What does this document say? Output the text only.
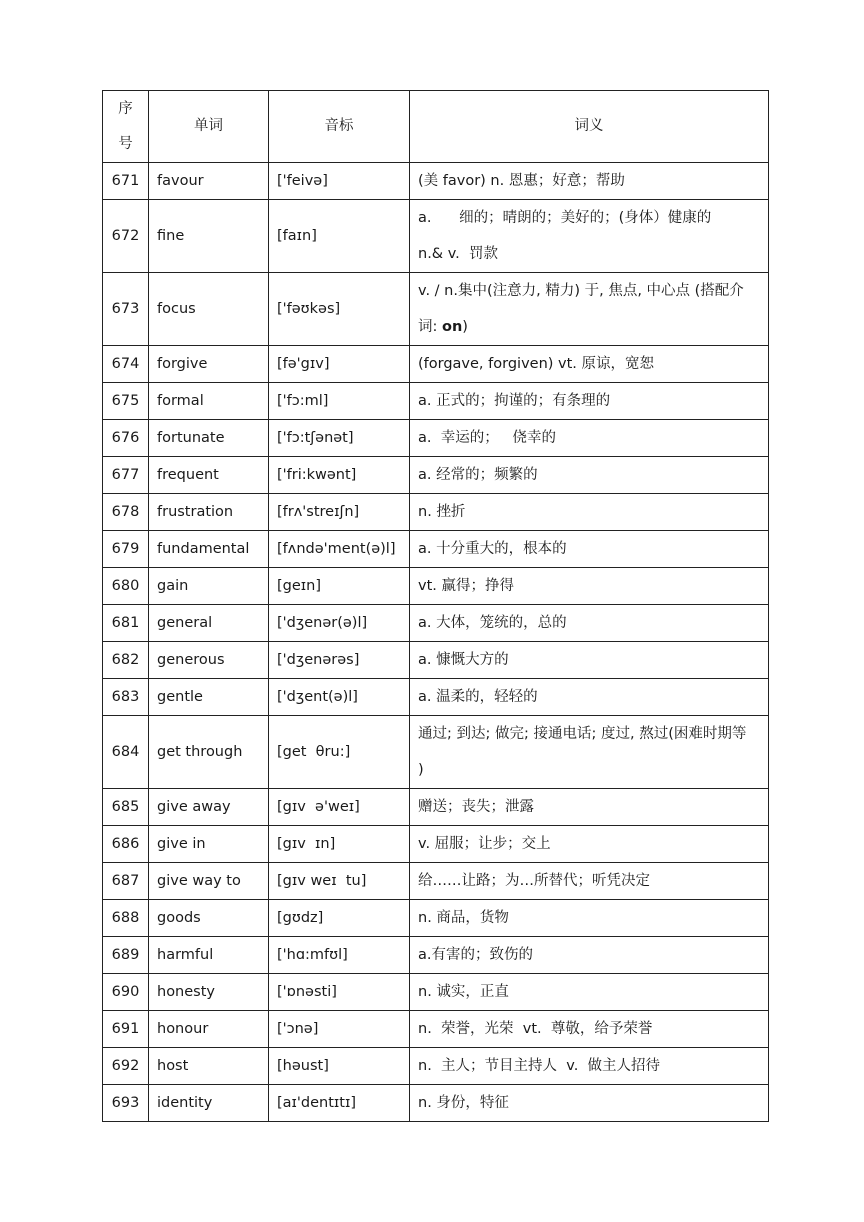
序
号	单词	音标	词义
671	favour	['feivə]	(美 favor) n. 恩惠；好意；帮助
672	fine	[faɪn]	a.      细的；晴朗的；美好的；(身体）健康的
n.& v.  罚款
673	focus	['fəʊkəs]	v. / n.集中(注意力, 精力) 于, 焦点, 中心点 (搭配介
词: on)
674	forgive	[fə'gɪv]	(forgave, forgiven) vt. 原谅，宽恕
675	formal	['fɔ:ml]	a. 正式的；拘谨的；有条理的
676	fortunate	['fɔ:tʃənət]	a.  幸运的；   侥幸的
677	frequent	['fri:kwənt]	a. 经常的；频繁的
678	frustration	[frʌ'streɪʃn]	n. 挫折
679	fundamental	[fʌndə'ment(ə)l]	a. 十分重大的，根本的
680	gain	[geɪn]	vt. 赢得；挣得
681	general	['dʒenər(ə)l]	a. 大体，笼统的，总的
682	generous	['dʒenərəs]	a. 慷慨大方的
683	gentle	['dʒent(ə)l]	a. 温柔的，轻轻的
684	get through	[get  θru:]	通过; 到达; 做完; 接通电话; 度过, 熬过(困难时期等
)
685	give away	[gɪv  ə'weɪ]	赠送；丧失；泄露
686	give in	[gɪv  ɪn]	v. 屈服；让步；交上
687	give way to	[gɪv weɪ  tu]	给……让路；为…所替代；听凭决定
688	goods	[gʊdz]	n. 商品，货物
689	harmful	['hɑ:mfʊl]	a.有害的；致伤的
690	honesty	['ɒnəsti]	n. 诚实，正直
691	honour	['ɔnə]	n.  荣誉，光荣  vt.  尊敬，给予荣誉
692	host	[həust]	n.  主人；节目主持人  v.  做主人招待
693	identity	[aɪ'dentɪtɪ]	n. 身份，特征
